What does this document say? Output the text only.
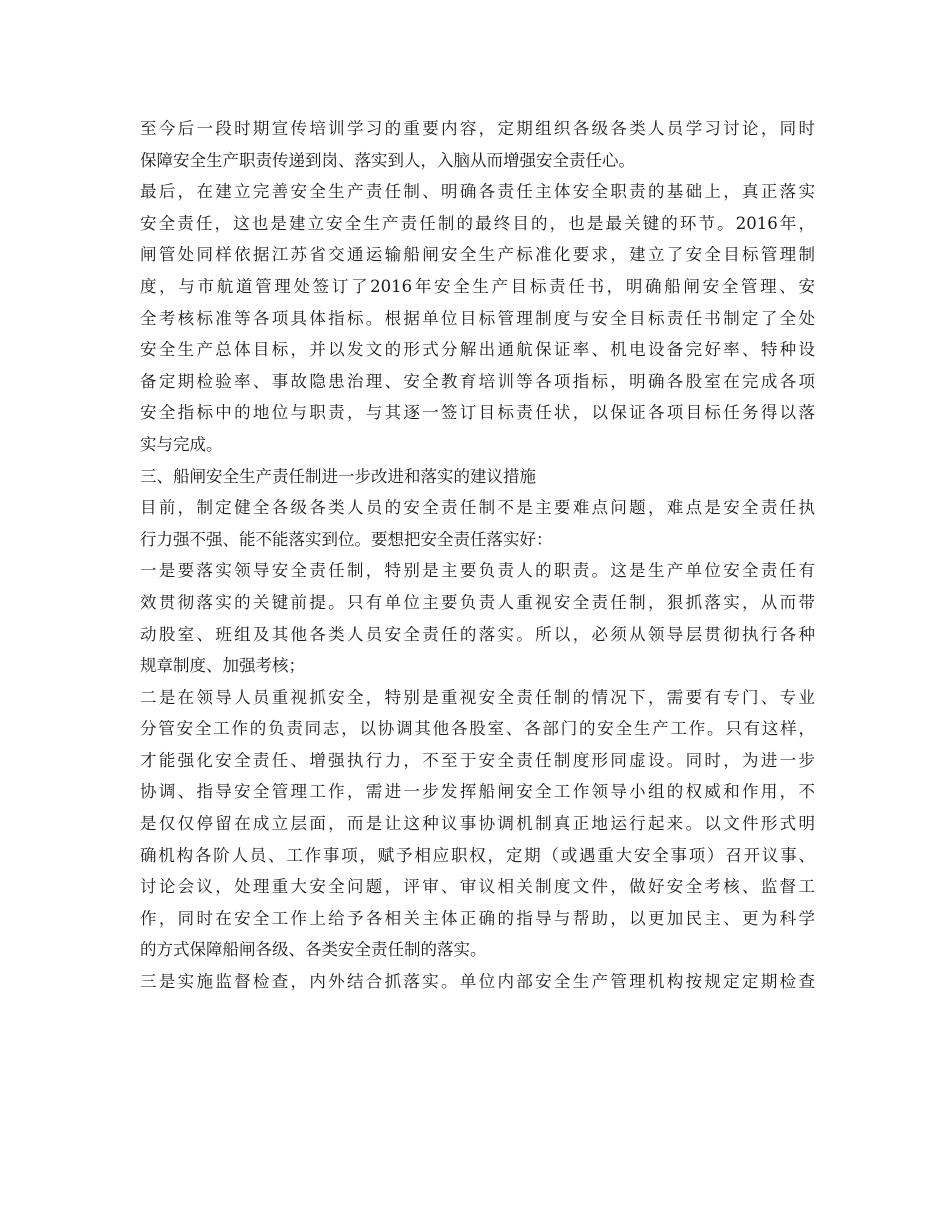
至今后一段时期宣传培训学习的重要内容，定期组织各级各类人员学习讨论，同时
保障安全生产职责传递到岗、落实到人，入脑从而增强安全责任心。
最后，在建立完善安全生产责任制、明确各责任主体安全职责的基础上，真正落实
安全责任，这也是建立安全生产责任制的最终目的，也是最关键的环节。2016年，
闸管处同样依据江苏省交通运输船闸安全生产标准化要求，建立了安全目标管理制
度，与市航道管理处签订了2016年安全生产目标责任书，明确船闸安全管理、安
全考核标准等各项具体指标。根据单位目标管理制度与安全目标责任书制定了全处
安全生产总体目标，并以发文的形式分解出通航保证率、机电设备完好率、特种设
备定期检验率、事故隐患治理、安全教育培训等各项指标，明确各股室在完成各项
安全指标中的地位与职责，与其逐一签订目标责任状，以保证各项目标任务得以落
实与完成。
三、船闸安全生产责任制进一步改进和落实的建议措施
目前，制定健全各级各类人员的安全责任制不是主要难点问题，难点是安全责任执
行力强不强、能不能落实到位。要想把安全责任落实好：
一是要落实领导安全责任制，特别是主要负责人的职责。这是生产单位安全责任有
效贯彻落实的关键前提。只有单位主要负责人重视安全责任制，狠抓落实，从而带
动股室、班组及其他各类人员安全责任的落实。所以，必须从领导层贯彻执行各种
规章制度、加强考核；
二是在领导人员重视抓安全，特别是重视安全责任制的情况下，需要有专门、专业
分管安全工作的负责同志，以协调其他各股室、各部门的安全生产工作。只有这样，
才能强化安全责任、增强执行力，不至于安全责任制度形同虚设。同时，为进一步
协调、指导安全管理工作，需进一步发挥船闸安全工作领导小组的权威和作用，不
是仅仅停留在成立层面，而是让这种议事协调机制真正地运行起来。以文件形式明
确机构各阶人员、工作事项，赋予相应职权，定期（或遇重大安全事项）召开议事、
讨论会议，处理重大安全问题，评审、审议相关制度文件，做好安全考核、监督工
作，同时在安全工作上给予各相关主体正确的指导与帮助，以更加民主、更为科学
的方式保障船闸各级、各类安全责任制的落实。
三是实施监督检查，内外结合抓落实。单位内部安全生产管理机构按规定定期检查
